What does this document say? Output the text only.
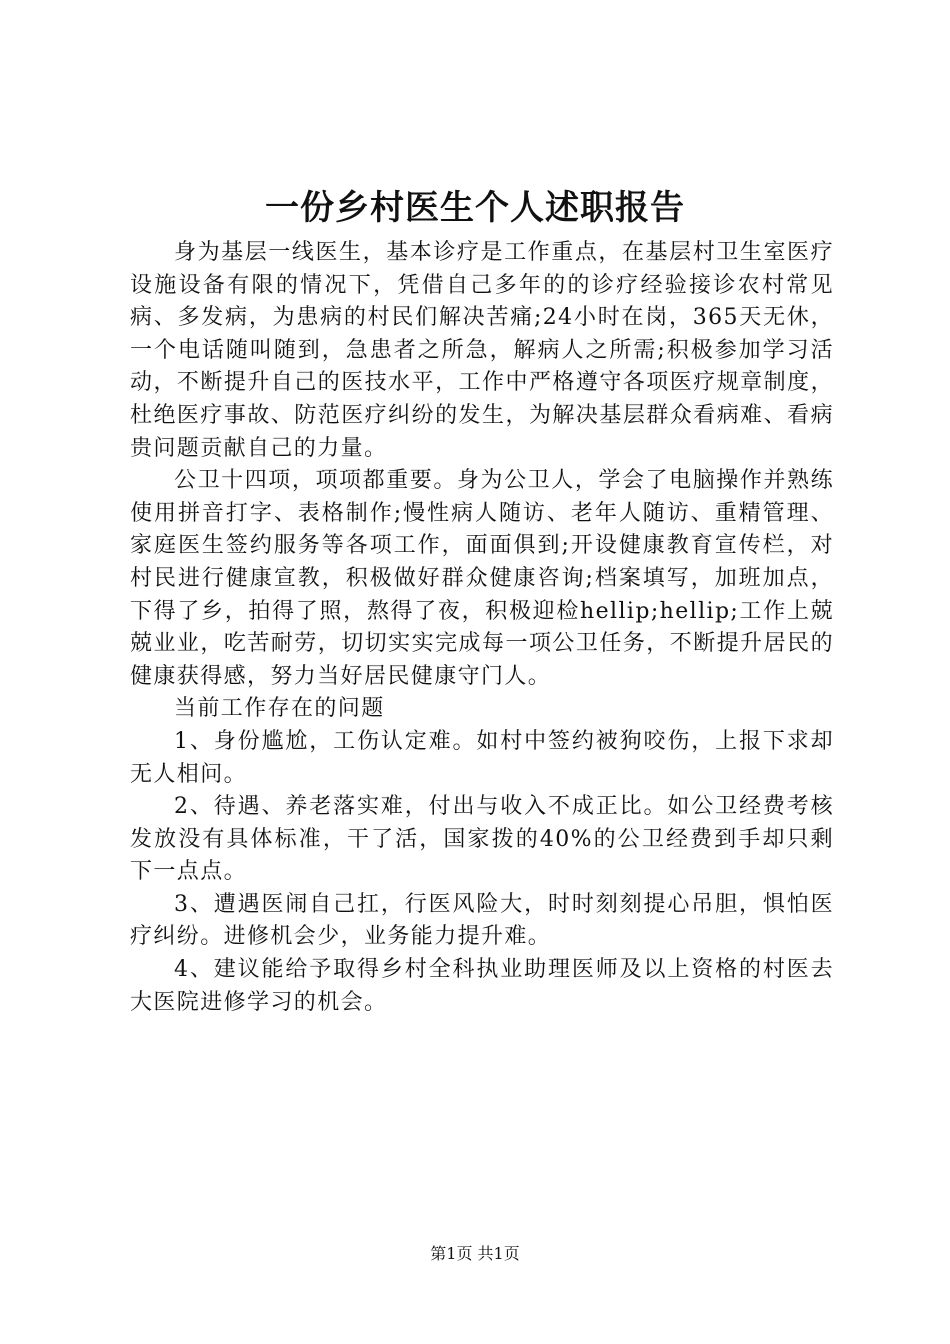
一份乡村医生个人述职报告

身为基层一线医生，基本诊疗是工作重点，在基层村卫生室医疗设施设备有限的情况下，凭借自己多年的的诊疗经验接诊农村常见病、多发病，为患病的村民们解决苦痛;24小时在岗，365天无休，一个电话随叫随到，急患者之所急，解病人之所需;积极参加学习活动，不断提升自己的医技水平，工作中严格遵守各项医疗规章制度，杜绝医疗事故、防范医疗纠纷的发生，为解决基层群众看病难、看病贵问题贡献自己的力量。

公卫十四项，项项都重要。身为公卫人，学会了电脑操作并熟练使用拼音打字、表格制作;慢性病人随访、老年人随访、重精管理、家庭医生签约服务等各项工作，面面俱到;开设健康教育宣传栏，对村民进行健康宣教，积极做好群众健康咨询;档案填写，加班加点，下得了乡，拍得了照，熬得了夜，积极迎检hellip;hellip;工作上兢兢业业，吃苦耐劳，切切实实完成每一项公卫任务，不断提升居民的健康获得感，努力当好居民健康守门人。

当前工作存在的问题

1、身份尴尬，工伤认定难。如村中签约被狗咬伤，上报下求却无人相问。

2、待遇、养老落实难，付出与收入不成正比。如公卫经费考核发放没有具体标准，干了活，国家拨的40%的公卫经费到手却只剩下一点点。

3、遭遇医闹自己扛，行医风险大，时时刻刻提心吊胆，惧怕医疗纠纷。进修机会少，业务能力提升难。

4、建议能给予取得乡村全科执业助理医师及以上资格的村医去大医院进修学习的机会。

第1页 共1页
